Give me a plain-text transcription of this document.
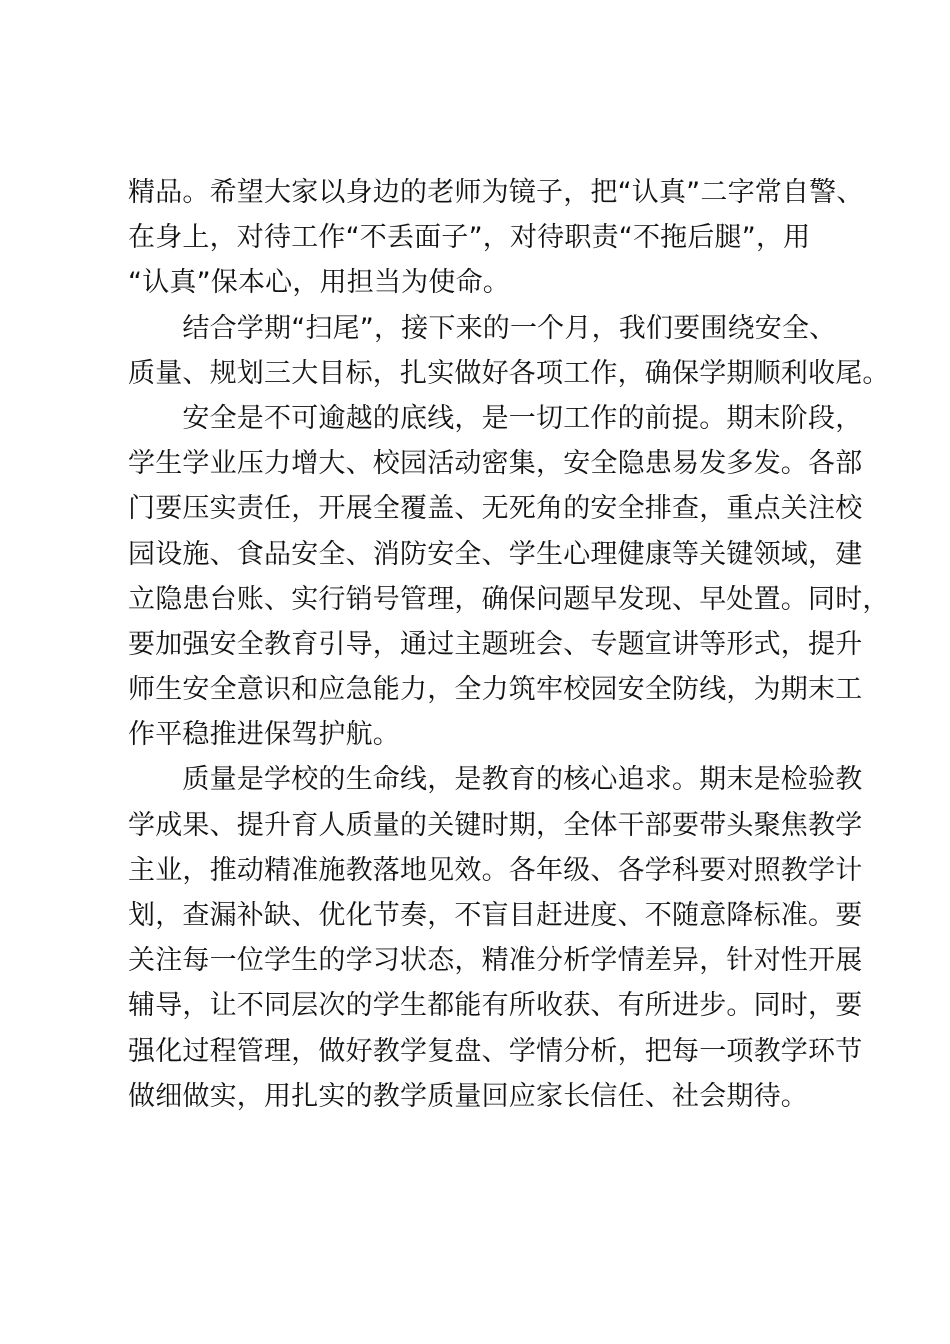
精品。希望大家以身边的老师为镜子，把“认真”二字常自警、
在身上，对待工作“不丢面子”，对待职责“不拖后腿”，用
“认真”保本心，用担当为使命。
　　结合学期“扫尾”，接下来的一个月，我们要围绕安全、
质量、规划三大目标，扎实做好各项工作，确保学期顺利收尾。
　　安全是不可逾越的底线，是一切工作的前提。期末阶段，
学生学业压力增大、校园活动密集，安全隐患易发多发。各部
门要压实责任，开展全覆盖、无死角的安全排查，重点关注校
园设施、食品安全、消防安全、学生心理健康等关键领域，建
立隐患台账、实行销号管理，确保问题早发现、早处置。同时，
要加强安全教育引导，通过主题班会、专题宣讲等形式，提升
师生安全意识和应急能力，全力筑牢校园安全防线，为期末工
作平稳推进保驾护航。
　　质量是学校的生命线，是教育的核心追求。期末是检验教
学成果、提升育人质量的关键时期，全体干部要带头聚焦教学
主业，推动精准施教落地见效。各年级、各学科要对照教学计
划，查漏补缺、优化节奏，不盲目赶进度、不随意降标准。要
关注每一位学生的学习状态，精准分析学情差异，针对性开展
辅导，让不同层次的学生都能有所收获、有所进步。同时，要
强化过程管理，做好教学复盘、学情分析，把每一项教学环节
做细做实，用扎实的教学质量回应家长信任、社会期待。
